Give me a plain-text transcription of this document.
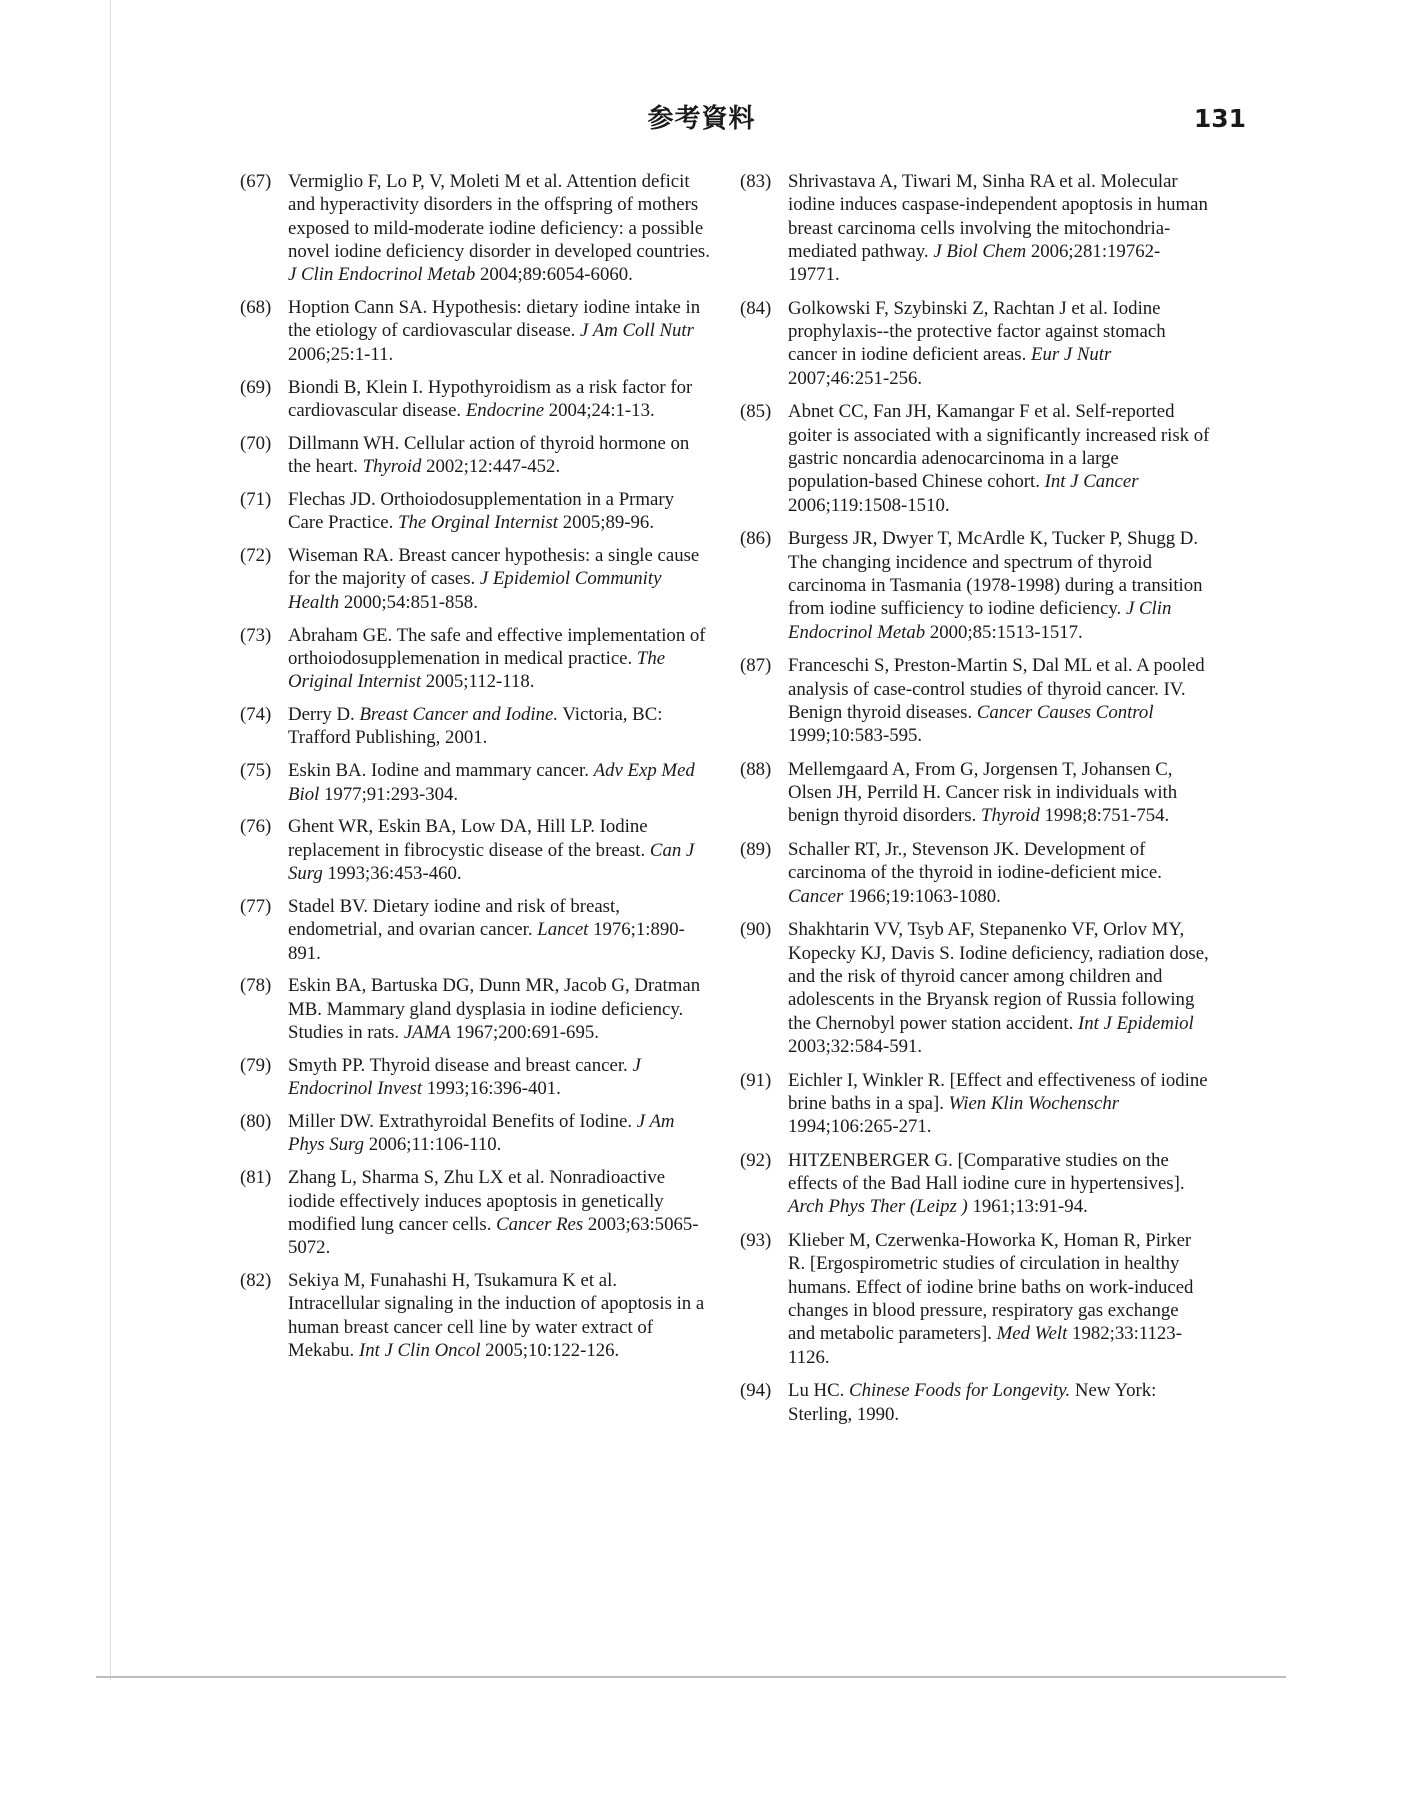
参考資料	131
(67) Vermiglio F, Lo P, V, Moleti M et al. Attention deficit and hyperactivity disorders in the offspring of mothers exposed to mild-moderate iodine deficiency: a possible novel iodine deficiency disorder in developed countries. J Clin Endocrinol Metab 2004;89:6054-6060.
(68) Hoption Cann SA. Hypothesis: dietary iodine intake in the etiology of cardiovascular disease. J Am Coll Nutr 2006;25:1-11.
(69) Biondi B, Klein I. Hypothyroidism as a risk factor for cardiovascular disease. Endocrine 2004;24:1-13.
(70) Dillmann WH. Cellular action of thyroid hormone on the heart. Thyroid 2002;12:447-452.
(71) Flechas JD. Orthoiodosupplementation in a Prmary Care Practice. The Orginal Internist 2005;89-96.
(72) Wiseman RA. Breast cancer hypothesis: a single cause for the majority of cases. J Epidemiol Community Health 2000;54:851-858.
(73) Abraham GE. The safe and effective implementation of orthoiodosupplemenation in medical practice. The Original Internist 2005;112-118.
(74) Derry D. Breast Cancer and Iodine. Victoria, BC: Trafford Publishing, 2001.
(75) Eskin BA. Iodine and mammary cancer. Adv Exp Med Biol 1977;91:293-304.
(76) Ghent WR, Eskin BA, Low DA, Hill LP. Iodine replacement in fibrocystic disease of the breast. Can J Surg 1993;36:453-460.
(77) Stadel BV. Dietary iodine and risk of breast, endometrial, and ovarian cancer. Lancet 1976;1:890-891.
(78) Eskin BA, Bartuska DG, Dunn MR, Jacob G, Dratman MB. Mammary gland dysplasia in iodine deficiency. Studies in rats. JAMA 1967;200:691-695.
(79) Smyth PP. Thyroid disease and breast cancer. J Endocrinol Invest 1993;16:396-401.
(80) Miller DW. Extrathyroidal Benefits of Iodine. J Am Phys Surg 2006;11:106-110.
(81) Zhang L, Sharma S, Zhu LX et al. Nonradioactive iodide effectively induces apoptosis in genetically modified lung cancer cells. Cancer Res 2003;63:5065-5072.
(82) Sekiya M, Funahashi H, Tsukamura K et al. Intracellular signaling in the induction of apoptosis in a human breast cancer cell line by water extract of Mekabu. Int J Clin Oncol 2005;10:122-126.
(83) Shrivastava A, Tiwari M, Sinha RA et al. Molecular iodine induces caspase-independent apoptosis in human breast carcinoma cells involving the mitochondria-mediated pathway. J Biol Chem 2006;281:19762-19771.
(84) Golkowski F, Szybinski Z, Rachtan J et al. Iodine prophylaxis--the protective factor against stomach cancer in iodine deficient areas. Eur J Nutr 2007;46:251-256.
(85) Abnet CC, Fan JH, Kamangar F et al. Self-reported goiter is associated with a significantly increased risk of gastric noncardia adenocarcinoma in a large population-based Chinese cohort. Int J Cancer 2006;119:1508-1510.
(86) Burgess JR, Dwyer T, McArdle K, Tucker P, Shugg D. The changing incidence and spectrum of thyroid carcinoma in Tasmania (1978-1998) during a transition from iodine sufficiency to iodine deficiency. J Clin Endocrinol Metab 2000;85:1513-1517.
(87) Franceschi S, Preston-Martin S, Dal ML et al. A pooled analysis of case-control studies of thyroid cancer. IV. Benign thyroid diseases. Cancer Causes Control 1999;10:583-595.
(88) Mellemgaard A, From G, Jorgensen T, Johansen C, Olsen JH, Perrild H. Cancer risk in individuals with benign thyroid disorders. Thyroid 1998;8:751-754.
(89) Schaller RT, Jr., Stevenson JK. Development of carcinoma of the thyroid in iodine-deficient mice. Cancer 1966;19:1063-1080.
(90) Shakhtarin VV, Tsyb AF, Stepanenko VF, Orlov MY, Kopecky KJ, Davis S. Iodine deficiency, radiation dose, and the risk of thyroid cancer among children and adolescents in the Bryansk region of Russia following the Chernobyl power station accident. Int J Epidemiol 2003;32:584-591.
(91) Eichler I, Winkler R. [Effect and effectiveness of iodine brine baths in a spa]. Wien Klin Wochenschr 1994;106:265-271.
(92) HITZENBERGER G. [Comparative studies on the effects of the Bad Hall iodine cure in hypertensives]. Arch Phys Ther (Leipz ) 1961;13:91-94.
(93) Klieber M, Czerwenka-Howorka K, Homan R, Pirker R. [Ergospirometric studies of circulation in healthy humans. Effect of iodine brine baths on work-induced changes in blood pressure, respiratory gas exchange and metabolic parameters]. Med Welt 1982;33:1123-1126.
(94) Lu HC. Chinese Foods for Longevity. New York: Sterling, 1990.
